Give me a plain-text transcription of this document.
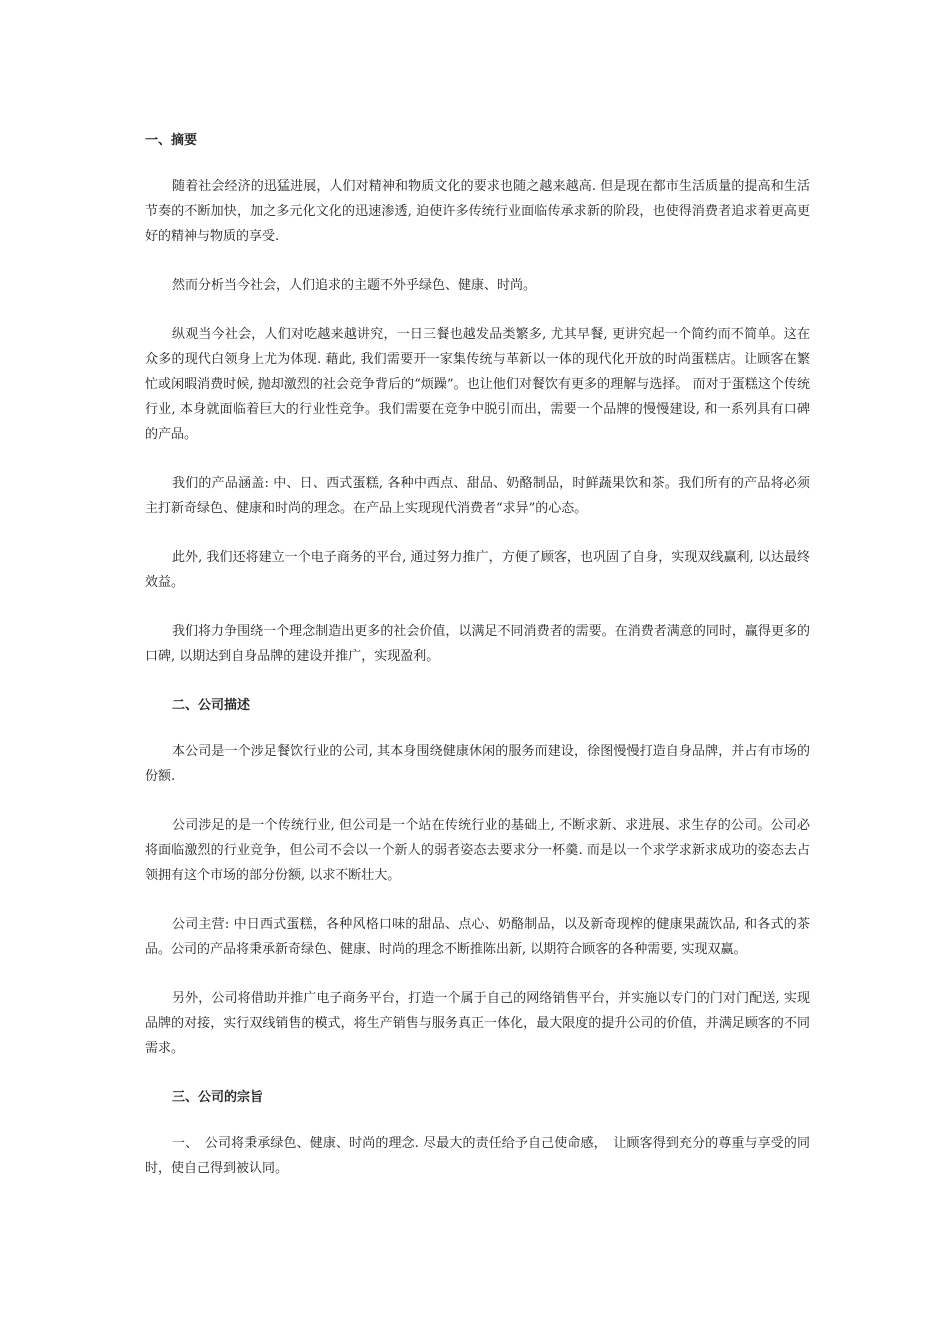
一、摘要

随着社会经济的迅猛进展，人们对精神和物质文化的要求也随之越来越高. 但是现在都市生活质量的提高和生活节奏的不断加快，加之多元化文化的迅速渗透, 迫使许多传统行业面临传承求新的阶段，也使得消费者追求着更高更好的精神与物质的享受.

然而分析当今社会，人们追求的主题不外乎绿色、健康、时尚。

纵观当今社会，人们对吃越来越讲究，一日三餐也越发品类繁多, 尤其早餐, 更讲究起一个简约而不简单。这在众多的现代白领身上尤为体现. 藉此, 我们需要开一家集传统与革新以一体的现代化开放的时尚蛋糕店。让顾客在繁忙或闲暇消费时候, 抛却激烈的社会竞争背后的“烦躁”。也让他们对餐饮有更多的理解与选择。 而对于蛋糕这个传统行业, 本身就面临着巨大的行业性竞争。我们需要在竞争中脱引而出，需要一个品牌的慢慢建设, 和一系列具有口碑的产品。

我们的产品涵盖: 中、日、西式蛋糕, 各种中西点、甜品、奶酪制品，时鲜蔬果饮和茶。我们所有的产品将必须主打新奇绿色、健康和时尚的理念。在产品上实现现代消费者“求异”的心态。

此外, 我们还将建立一个电子商务的平台, 通过努力推广，方便了顾客，也巩固了自身，实现双线赢利, 以达最终效益。

我们将力争围绕一个理念制造出更多的社会价值，以满足不同消费者的需要。在消费者满意的同时，赢得更多的口碑, 以期达到自身品牌的建设并推广，实现盈利。

二、公司描述

本公司是一个涉足餐饮行业的公司, 其本身围绕健康休闲的服务而建设，徐图慢慢打造自身品牌，并占有市场的份额.

公司涉足的是一个传统行业, 但公司是一个站在传统行业的基础上, 不断求新、求进展、求生存的公司。公司必将面临激烈的行业竞争，但公司不会以一个新人的弱者姿态去要求分一杯羹. 而是以一个求学求新求成功的姿态去占领拥有这个市场的部分份额, 以求不断壮大。

公司主营: 中日西式蛋糕，各种风格口味的甜品、点心、奶酪制品，以及新奇现榨的健康果蔬饮品, 和各式的茶品。公司的产品将秉承新奇绿色、健康、时尚的理念不断推陈出新, 以期符合顾客的各种需要, 实现双赢。

另外，公司将借助并推广电子商务平台，打造一个属于自己的网络销售平台，并实施以专门的门对门配送, 实现品牌的对接，实行双线销售的模式，将生产销售与服务真正一体化，最大限度的提升公司的价值，并满足顾客的不同需求。

三、公司的宗旨

一、　公司将秉承绿色、健康、时尚的理念. 尽最大的责任给予自己使命感，　让顾客得到充分的尊重与享受的同时，使自己得到被认同。
